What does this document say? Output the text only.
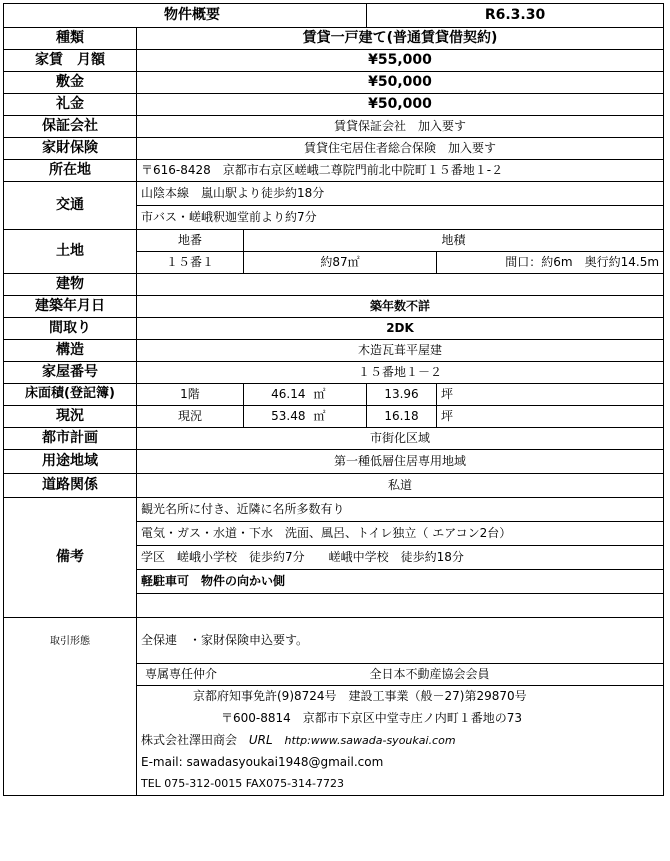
物件概要				R6.3.30	
種類	賃貸一戸建て(普通賃貸借契約)				
家賃　月額	¥55,000				
敷金	¥50,000				
礼金	¥50,000				
保証会社	賃貸保証会社　加入要す				
家財保険	賃貸住宅居住者総合保険　加入要す				
所在地	〒616-8428　京都市右京区嵯峨二尊院門前北中院町１５番地１-２				
交通	山陰本線　嵐山駅より徒歩約18分				
	市バス・嵯峨釈迦堂前より約7分				
土地	地番	地積			
	１５番１	約87㎡			間口：約6m　奥行約14.5m
建物					
建築年月日	築年数不詳				
間取り	2DK				
構造	木造瓦葺平屋建				
家屋番号	１５番地１－２				
床面積(登記簿)	1階	46.14	㎡	13.96	坪
現況	現況	53.48	㎡	16.18	坪
都市計画	市街化区域				
用途地域	第一種低層住居専用地域				
道路関係	私道				
備考	観光名所に付き、近隣に名所多数有り				
	電気・ガス・水道・下水　洗面、風呂、トイレ独立（ エアコン2台）				
	学区　嵯峨小学校　徒歩約7分　　嵯峨中学校　徒歩約18分				
	軽駐車可　物件の向かい側				

取引形態	全保連　・家財保険申込要す。				
	専属専任仲介		全日本不動産協会会員		
	京都府知事免許(9)8724号　建設工事業（般－27)第29870号				
	〒600-8814　京都市下京区中堂寺庄ノ内町１番地の73				
	株式会社澤田商会 URL http:www.sawada-syoukai.com				
	E-mail: sawadasyoukai1948@gmail.com				
	TEL 075-312-0015 FAX075-314-7723				
